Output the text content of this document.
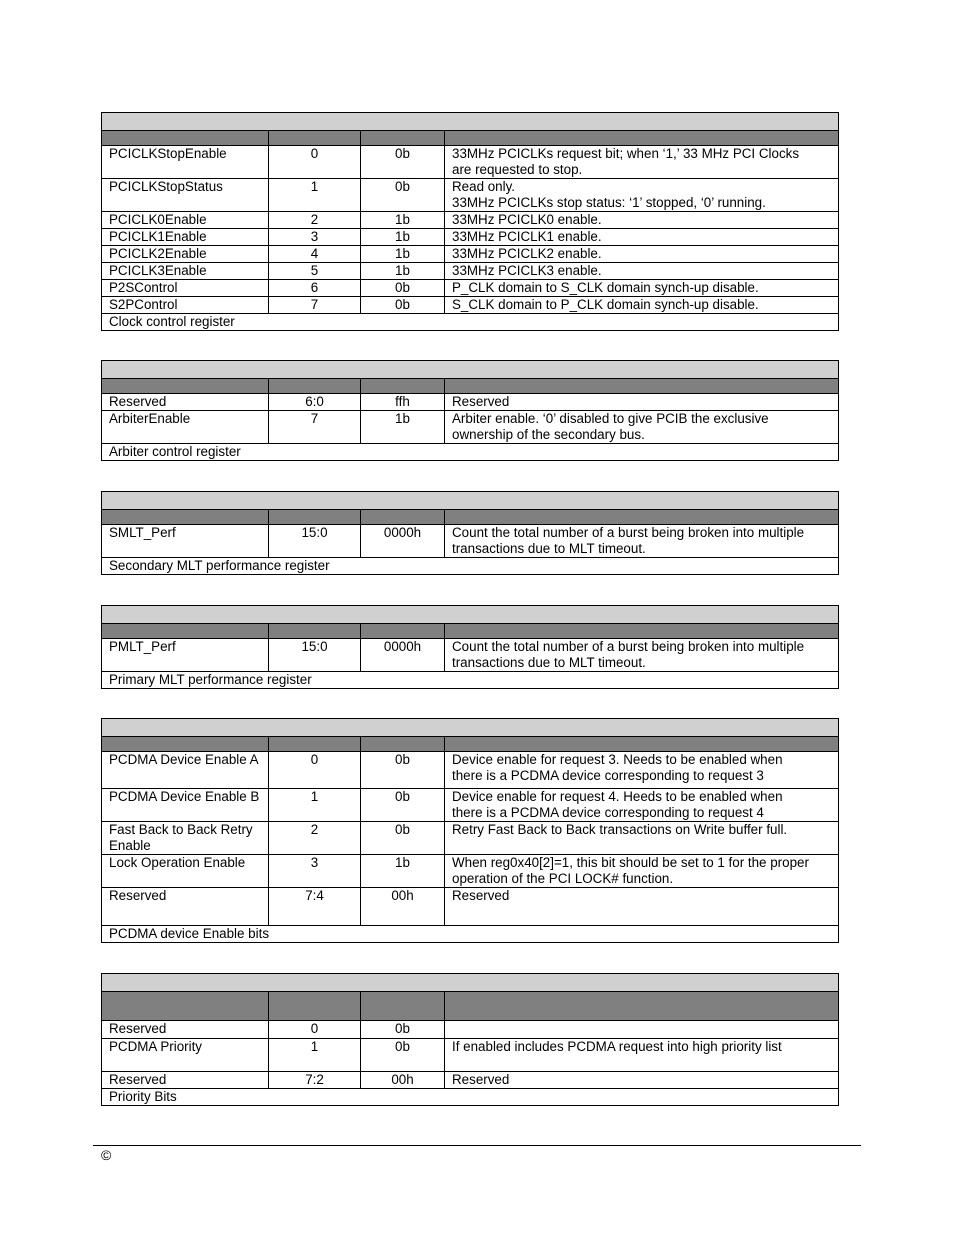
PCICLKStopEnable	0	0b	33MHz PCICLKs request bit; when ‘1,’ 33 MHz PCI Clocks
are requested to stop.

PCICLKStopStatus	1	0b	Read only.
33MHz PCICLKs stop status: ‘1’ stopped, ‘0’ running.

PCICLK0Enable	2	1b	33MHz PCICLK0 enable.

PCICLK1Enable	3	1b	33MHz PCICLK1 enable.

PCICLK2Enable	4	1b	33MHz PCICLK2 enable.

PCICLK3Enable	5	1b	33MHz PCICLK3 enable.

P2SControl	6	0b	P_CLK domain to S_CLK domain synch-up disable.

S2PControl	7	0b	S_CLK domain to P_CLK domain synch-up disable.

Clock control register			

Reserved	6:0	ffh	Reserved

ArbiterEnable	7	1b	Arbiter enable. ‘0’ disabled to give PCIB the exclusive
ownership of the secondary bus.

Arbiter control register			

SMLT_Perf	15:0	0000h	Count the total number of a burst being broken into multiple
transactions due to MLT timeout.

Secondary MLT performance register			

PMLT_Perf	15:0	0000h	Count the total number of a burst being broken into multiple
transactions due to MLT timeout.

Primary MLT performance register			

PCDMA Device Enable A	0	0b	Device enable for request 3. Needs to be enabled when
there is a PCDMA device corresponding to request 3

PCDMA Device Enable B	1	0b	Device enable for request 4. Heeds to be enabled when
there is a PCDMA device corresponding to request 4

Fast Back to Back Retry Enable	2	0b	Retry Fast Back to Back transactions on Write buffer full.

Lock Operation Enable	3	1b	When reg0x40[2]=1, this bit should be set to 1 for the proper
operation of the PCI LOCK# function.

Reserved	7:4	00h	Reserved

PCDMA device Enable bits			

Reserved	0	0b	

PCDMA Priority	1	0b	If enabled includes PCDMA request into high priority list

Reserved	7:2	00h	Reserved

Priority Bits			
©
